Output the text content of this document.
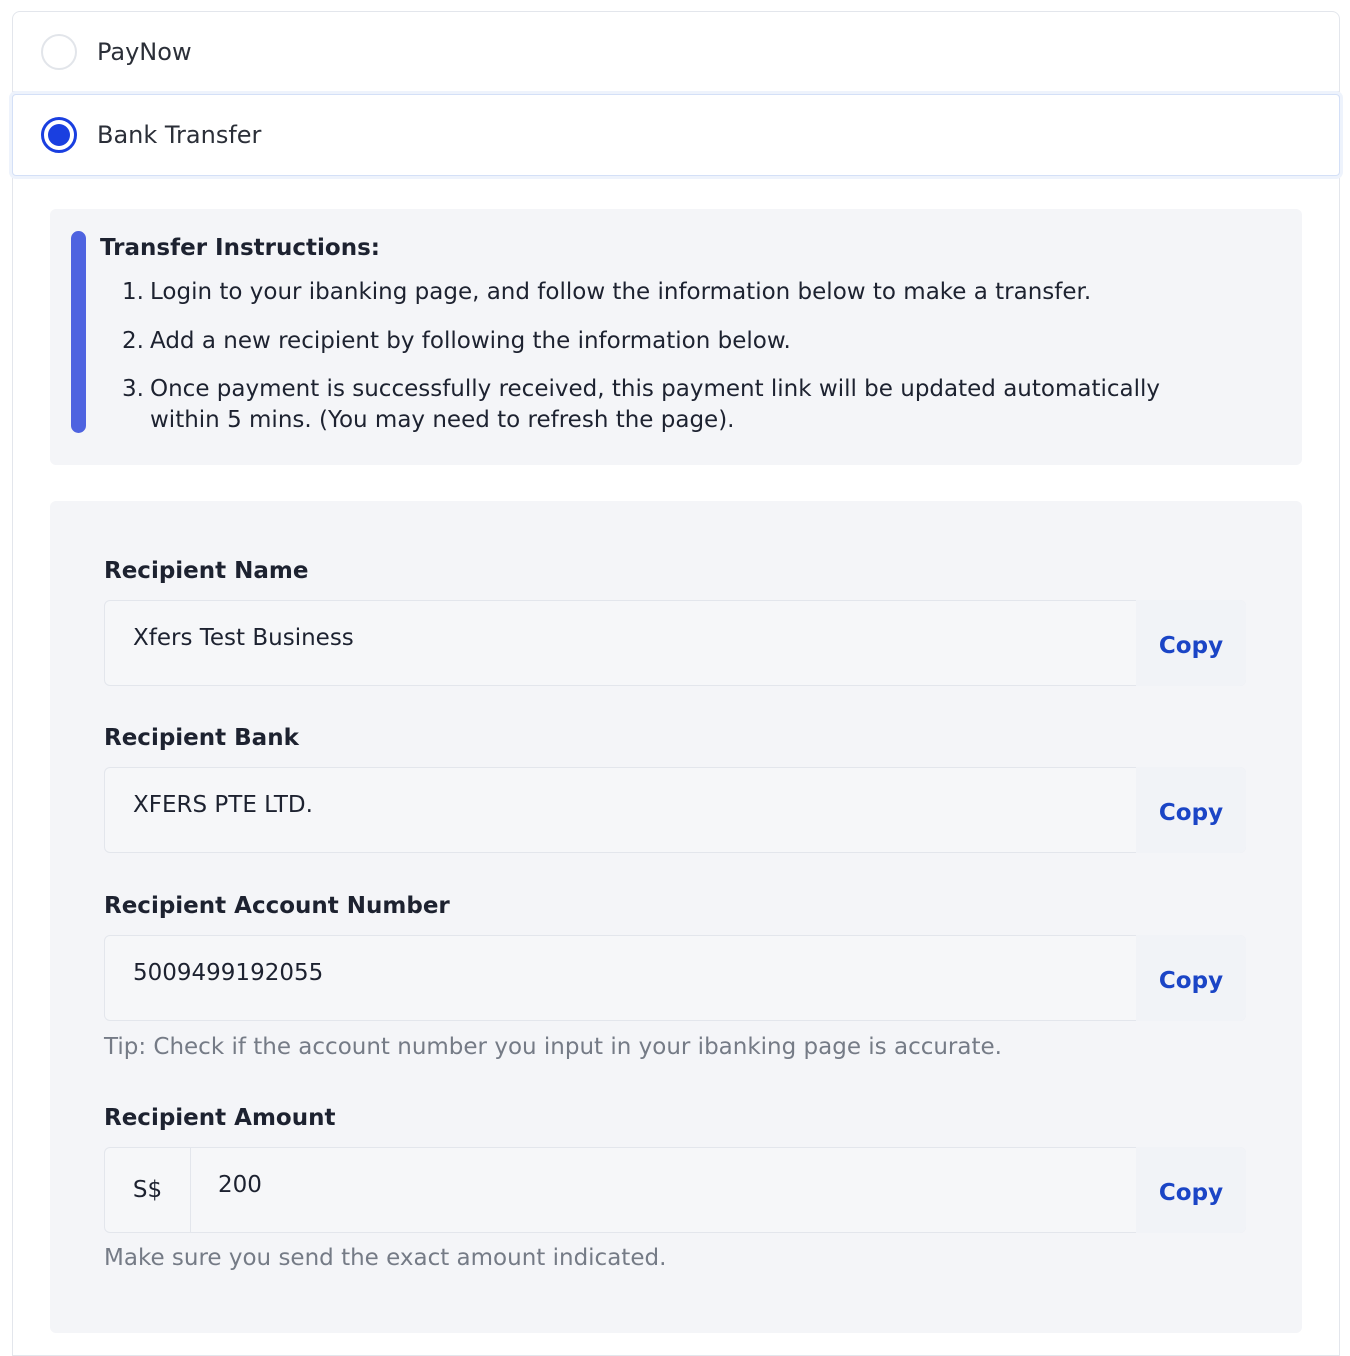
PayNow
Bank Transfer
Transfer Instructions:
1. Login to your ibanking page, and follow the information below to make a transfer.
2. Add a new recipient by following the information below.
3. Once payment is successfully received, this payment link will be updated automatically within 5 mins. (You may need to refresh the page).
Recipient Name
Xfers Test Business	Copy
Recipient Bank
XFERS PTE LTD.	Copy
Recipient Account Number
5009499192055	Copy
Tip: Check if the account number you input in your ibanking page is accurate.
Recipient Amount
S$	200	Copy
Make sure you send the exact amount indicated.
